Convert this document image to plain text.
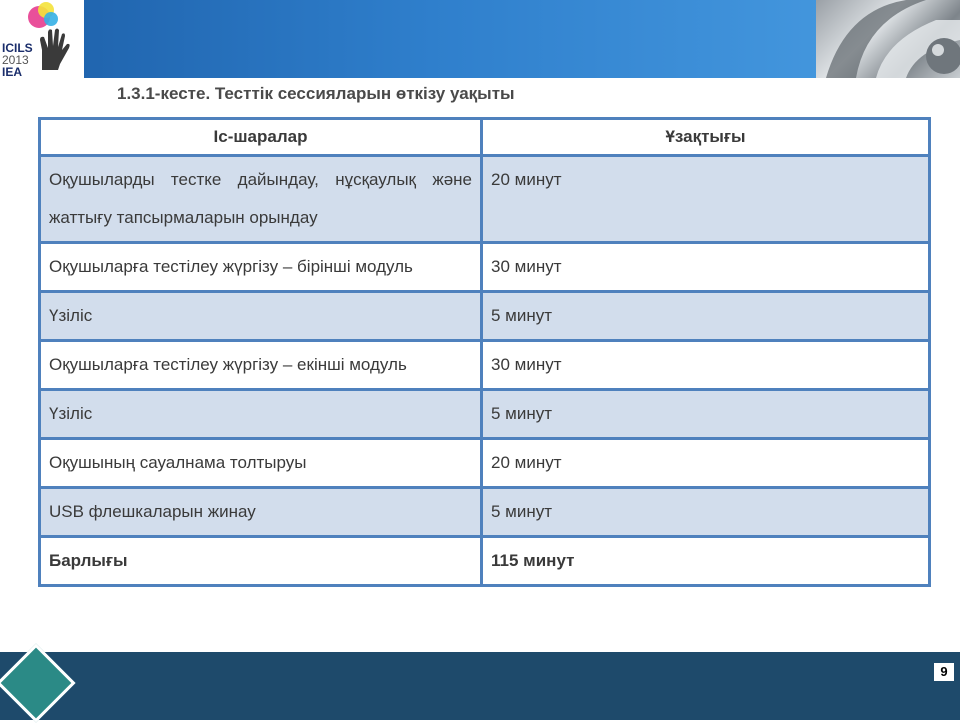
ICILS
2013
IEA
1.3.1-кесте. Тесттік сессияларын өткізу уақыты
Іс-шаралар	Ұзақтығы
Оқушыларды тестке дайындау, нұсқаулық және жаттығу тапсырмаларын орындау	20 минут
Оқушыларға тестілеу жүргізу – бірінші модуль	30 минут
Үзіліс	5 минут
Оқушыларға тестілеу жүргізу – екінші модуль	30 минут
Үзіліс	5 минут
Оқушының сауалнама толтыруы	20 минут
USB флешкаларын жинау	5 минут
Барлығы	115 минут
9
